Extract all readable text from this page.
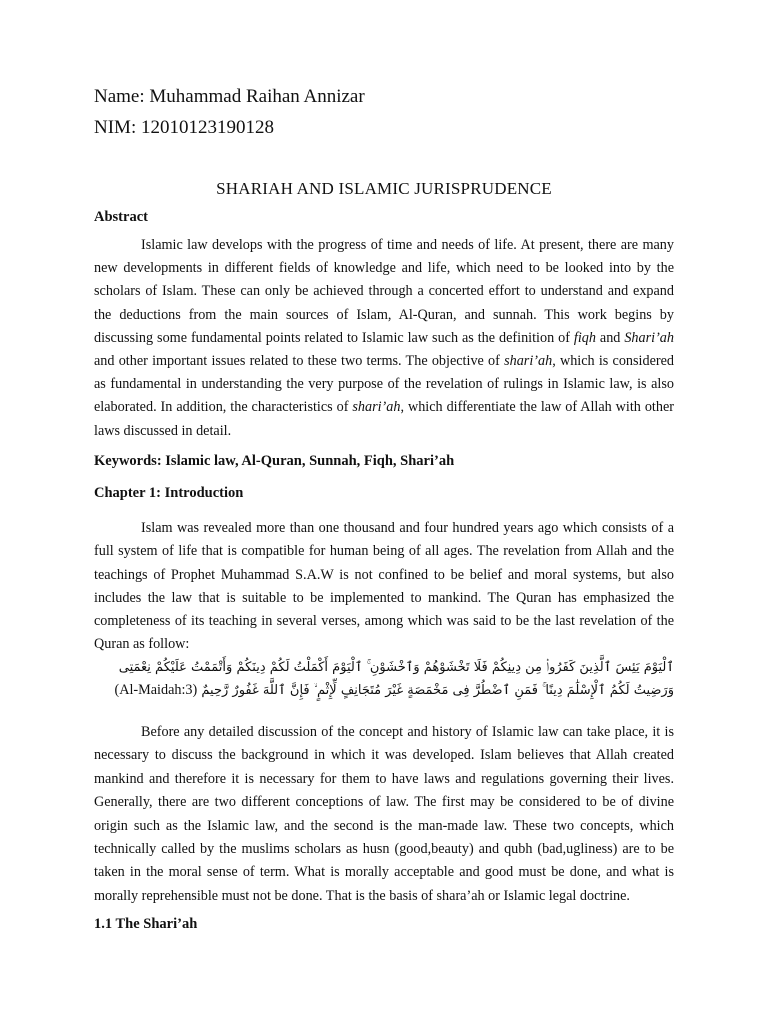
Name: Muhammad Raihan Annizar
NIM: 12010123190128
SHARIAH AND ISLAMIC JURISPRUDENCE
Abstract

Islamic law develops with the progress of time and needs of life. At present, there are many new developments in different fields of knowledge and life, which need to be looked into by the scholars of Islam. These can only be achieved through a concerted effort to understand and expand the deductions from the main sources of Islam, Al-Quran, and sunnah. This work begins by discussing some fundamental points related to Islamic law such as the definition of fiqh and Shari’ah and other important issues related to these two terms. The objective of shari’ah, which is considered as fundamental in understanding the very purpose of the revelation of rulings in Islamic law, is also elaborated. In addition, the characteristics of shari’ah, which differentiate the law of Allah with other laws discussed in detail.

Keywords: Islamic law, Al-Quran, Sunnah, Fiqh, Shari’ah
Chapter 1: Introduction

Islam was revealed more than one thousand and four hundred years ago which consists of a full system of life that is compatible for human being of all ages. The revelation from Allah and the teachings of Prophet Muhammad S.A.W is not confined to be belief and moral systems, but also includes the law that is suitable to be implemented to mankind. The Quran has emphasized the completeness of its teaching in several verses, among which was said to be the last revelation of the Quran as follow:

ٱلْيَوْمَ يَئِسَ ٱلَّذِينَ كَفَرُوا۟ مِن دِينِكُمْ فَلَا تَخْشَوْهُمْ وَٱخْشَوْنِ ۚ ٱلْيَوْمَ أَكْمَلْتُ لَكُمْ دِينَكُمْ وَأَتْمَمْتُ عَلَيْكُمْ نِعْمَتِى وَرَضِيتُ لَكُمُ ٱلْإِسْلَٰمَ دِينًا ۚ فَمَنِ ٱضْطُرَّ فِى مَخْمَصَةٍ غَيْرَ مُتَجَانِفٍ لِّإِثْمٍ ۙ فَإِنَّ ٱللَّهَ غَفُورٌ رَّحِيمٌ (Al-Maidah:3)

Before any detailed discussion of the concept and history of Islamic law can take place, it is necessary to discuss the background in which it was developed. Islam believes that Allah created mankind and therefore it is necessary for them to have laws and regulations governing their lives. Generally, there are two different conceptions of law. The first may be considered to be of divine origin such as the Islamic law, and the second is the man-made law. These two concepts, which technically called by the muslims scholars as husn (good,beauty) and qubh (bad,ugliness) are to be taken in the moral sense of term. What is morally acceptable and good must be done, and what is morally reprehensible must not be done. That is the basis of shara’ah or Islamic legal doctrine.

1.1 The Shari’ah
